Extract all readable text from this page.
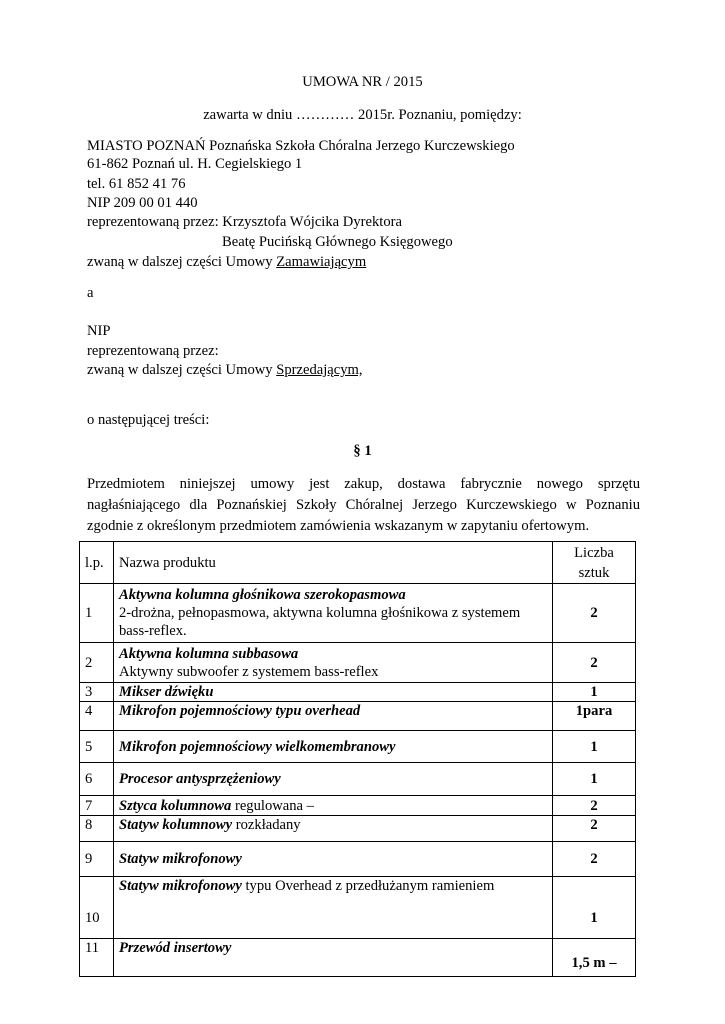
UMOWA NR / 2015
zawarta w dniu ………… 2015r. Poznaniu, pomiędzy:
MIASTO POZNAŃ Poznańska Szkoła Chóralna Jerzego Kurczewskiego
61-862 Poznań ul. H. Cegielskiego 1
tel. 61 852 41 76
NIP 209 00 01 440
reprezentowaną przez: Krzysztofa Wójcika Dyrektora
Beatę Pucińską Głównego Księgowego
zwaną w dalszej części Umowy Zamawiającym
a
NIP
reprezentowaną przez:
zwaną w dalszej części Umowy Sprzedającym,
o następującej treści:
§ 1
Przedmiotem niniejszej umowy jest zakup, dostawa fabrycznie nowego sprzętu
nagłaśniającego dla Poznańskiej Szkoły Chóralnej Jerzego Kurczewskiego w Poznaniu
zgodnie z określonym przedmiotem zamówienia wskazanym w zapytaniu ofertowym.
l.p.	Nazwa produktu	Liczba
sztuk
1	Aktywna kolumna głośnikowa szerokopasmowa
2-drożna, pełnopasmowa, aktywna kolumna głośnikowa z systemem bass-reflex.	2
2	Aktywna kolumna subbasowa
Aktywny subwoofer z systemem bass-reflex	2
3	Mikser dźwięku	1
4	Mikrofon pojemnościowy typu overhead	1para
5	Mikrofon pojemnościowy wielkomembranowy	1
6	Procesor antysprzężeniowy	1
7	Sztyca kolumnowa regulowana –	2
8	Statyw kolumnowy rozkładany	2
9	Statyw mikrofonowy	2
10	Statyw mikrofonowy typu Overhead z przedłużanym ramieniem	1
11	Przewód insertowy	1,5 m –
